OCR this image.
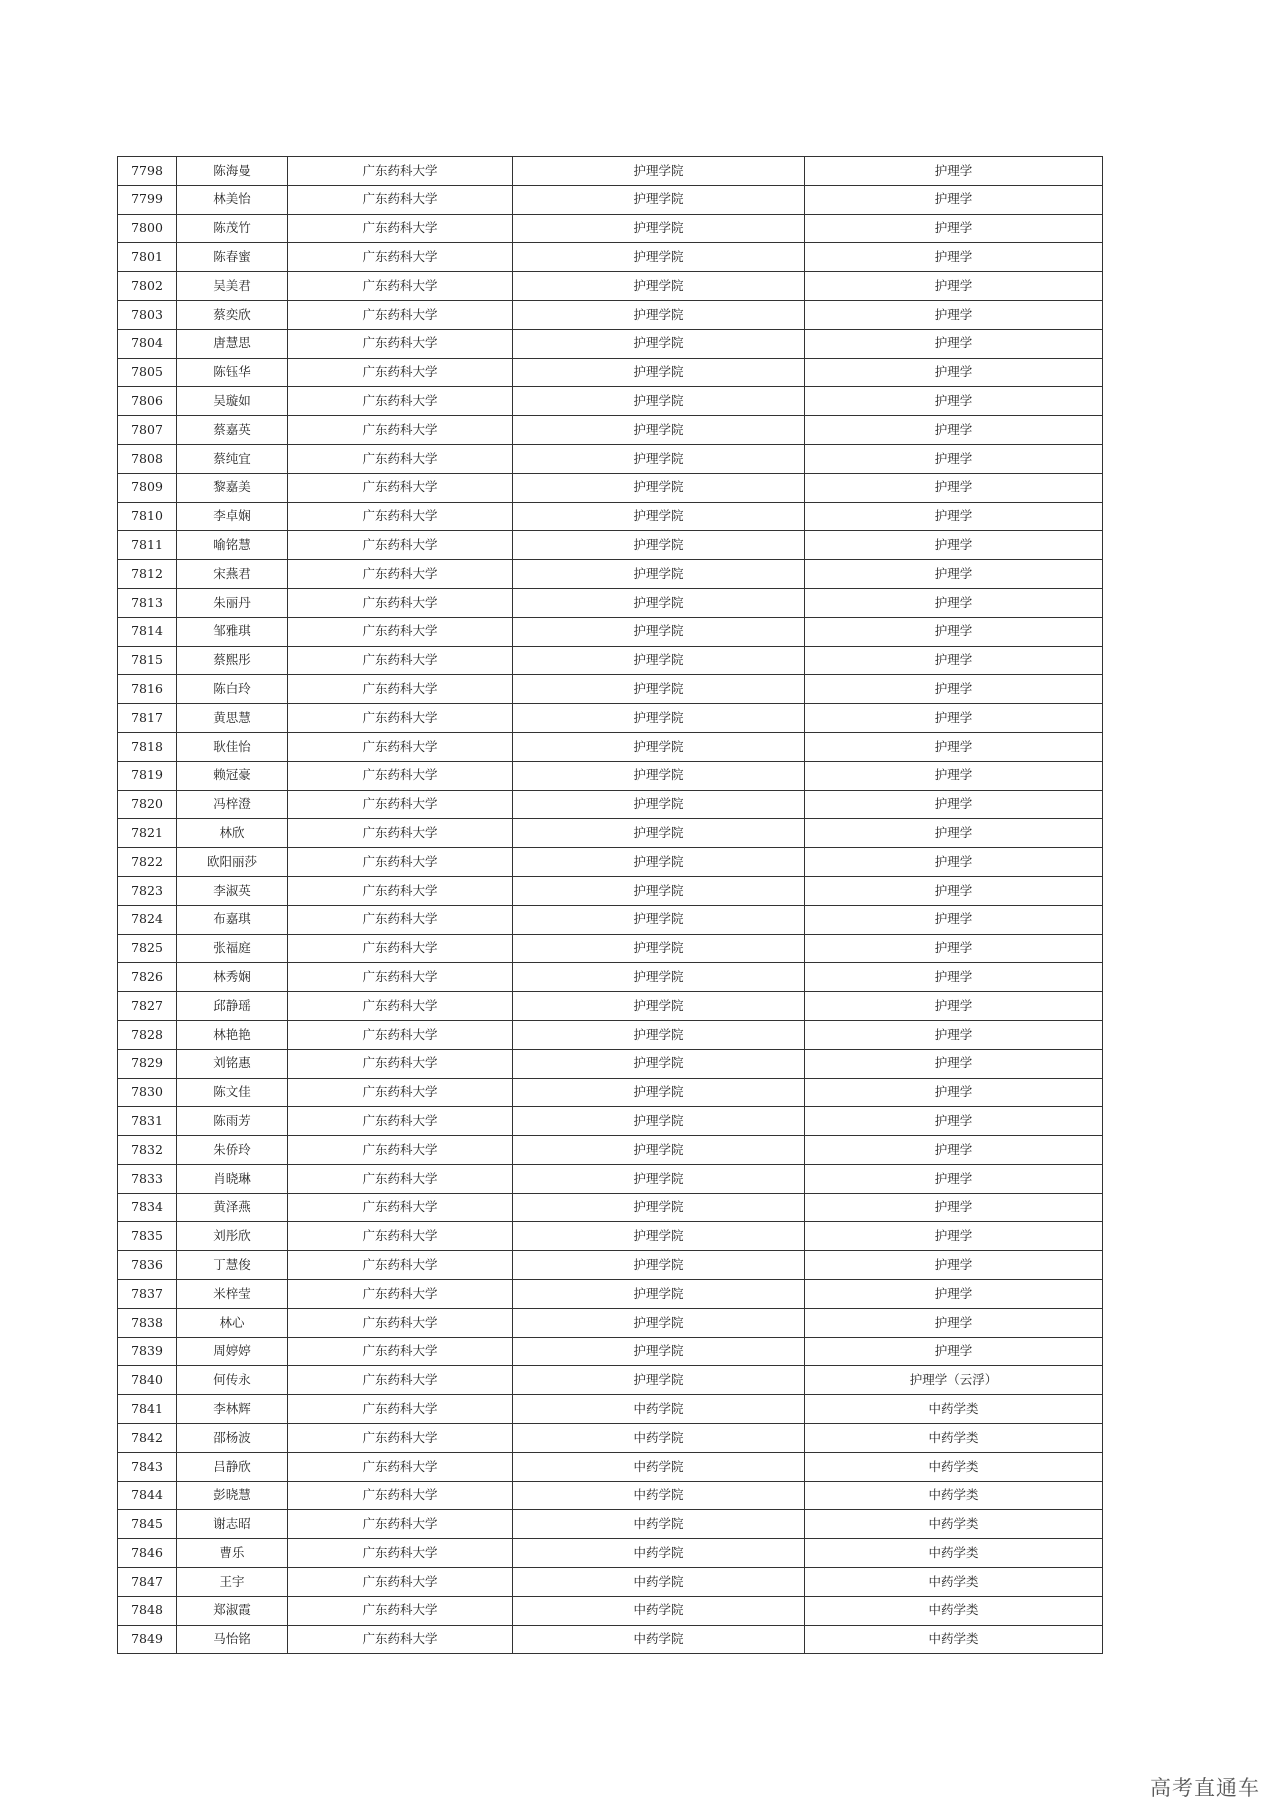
7798	陈海曼	广东药科大学	护理学院	护理学
7799	林美怡	广东药科大学	护理学院	护理学
7800	陈茂竹	广东药科大学	护理学院	护理学
7801	陈春蜜	广东药科大学	护理学院	护理学
7802	吴美君	广东药科大学	护理学院	护理学
7803	蔡奕欣	广东药科大学	护理学院	护理学
7804	唐慧思	广东药科大学	护理学院	护理学
7805	陈钰华	广东药科大学	护理学院	护理学
7806	吴璇如	广东药科大学	护理学院	护理学
7807	蔡嘉英	广东药科大学	护理学院	护理学
7808	蔡纯宜	广东药科大学	护理学院	护理学
7809	黎嘉美	广东药科大学	护理学院	护理学
7810	李卓娴	广东药科大学	护理学院	护理学
7811	喻铭慧	广东药科大学	护理学院	护理学
7812	宋燕君	广东药科大学	护理学院	护理学
7813	朱丽丹	广东药科大学	护理学院	护理学
7814	邹雅琪	广东药科大学	护理学院	护理学
7815	蔡熙彤	广东药科大学	护理学院	护理学
7816	陈白玲	广东药科大学	护理学院	护理学
7817	黄思慧	广东药科大学	护理学院	护理学
7818	耿佳怡	广东药科大学	护理学院	护理学
7819	赖冠豪	广东药科大学	护理学院	护理学
7820	冯梓澄	广东药科大学	护理学院	护理学
7821	林欣	广东药科大学	护理学院	护理学
7822	欧阳丽莎	广东药科大学	护理学院	护理学
7823	李淑英	广东药科大学	护理学院	护理学
7824	布嘉琪	广东药科大学	护理学院	护理学
7825	张福庭	广东药科大学	护理学院	护理学
7826	林秀娴	广东药科大学	护理学院	护理学
7827	邱静瑶	广东药科大学	护理学院	护理学
7828	林艳艳	广东药科大学	护理学院	护理学
7829	刘铭惠	广东药科大学	护理学院	护理学
7830	陈文佳	广东药科大学	护理学院	护理学
7831	陈雨芳	广东药科大学	护理学院	护理学
7832	朱侨玲	广东药科大学	护理学院	护理学
7833	肖晓琳	广东药科大学	护理学院	护理学
7834	黄泽燕	广东药科大学	护理学院	护理学
7835	刘彤欣	广东药科大学	护理学院	护理学
7836	丁慧俊	广东药科大学	护理学院	护理学
7837	米梓莹	广东药科大学	护理学院	护理学
7838	林心	广东药科大学	护理学院	护理学
7839	周婷婷	广东药科大学	护理学院	护理学
7840	何传永	广东药科大学	护理学院	护理学（云浮）
7841	李林辉	广东药科大学	中药学院	中药学类
7842	邵杨波	广东药科大学	中药学院	中药学类
7843	吕静欣	广东药科大学	中药学院	中药学类
7844	彭晓慧	广东药科大学	中药学院	中药学类
7845	谢志昭	广东药科大学	中药学院	中药学类
7846	曹乐	广东药科大学	中药学院	中药学类
7847	王宇	广东药科大学	中药学院	中药学类
7848	郑淑霞	广东药科大学	中药学院	中药学类
7849	马怡铭	广东药科大学	中药学院	中药学类
高考直通车
